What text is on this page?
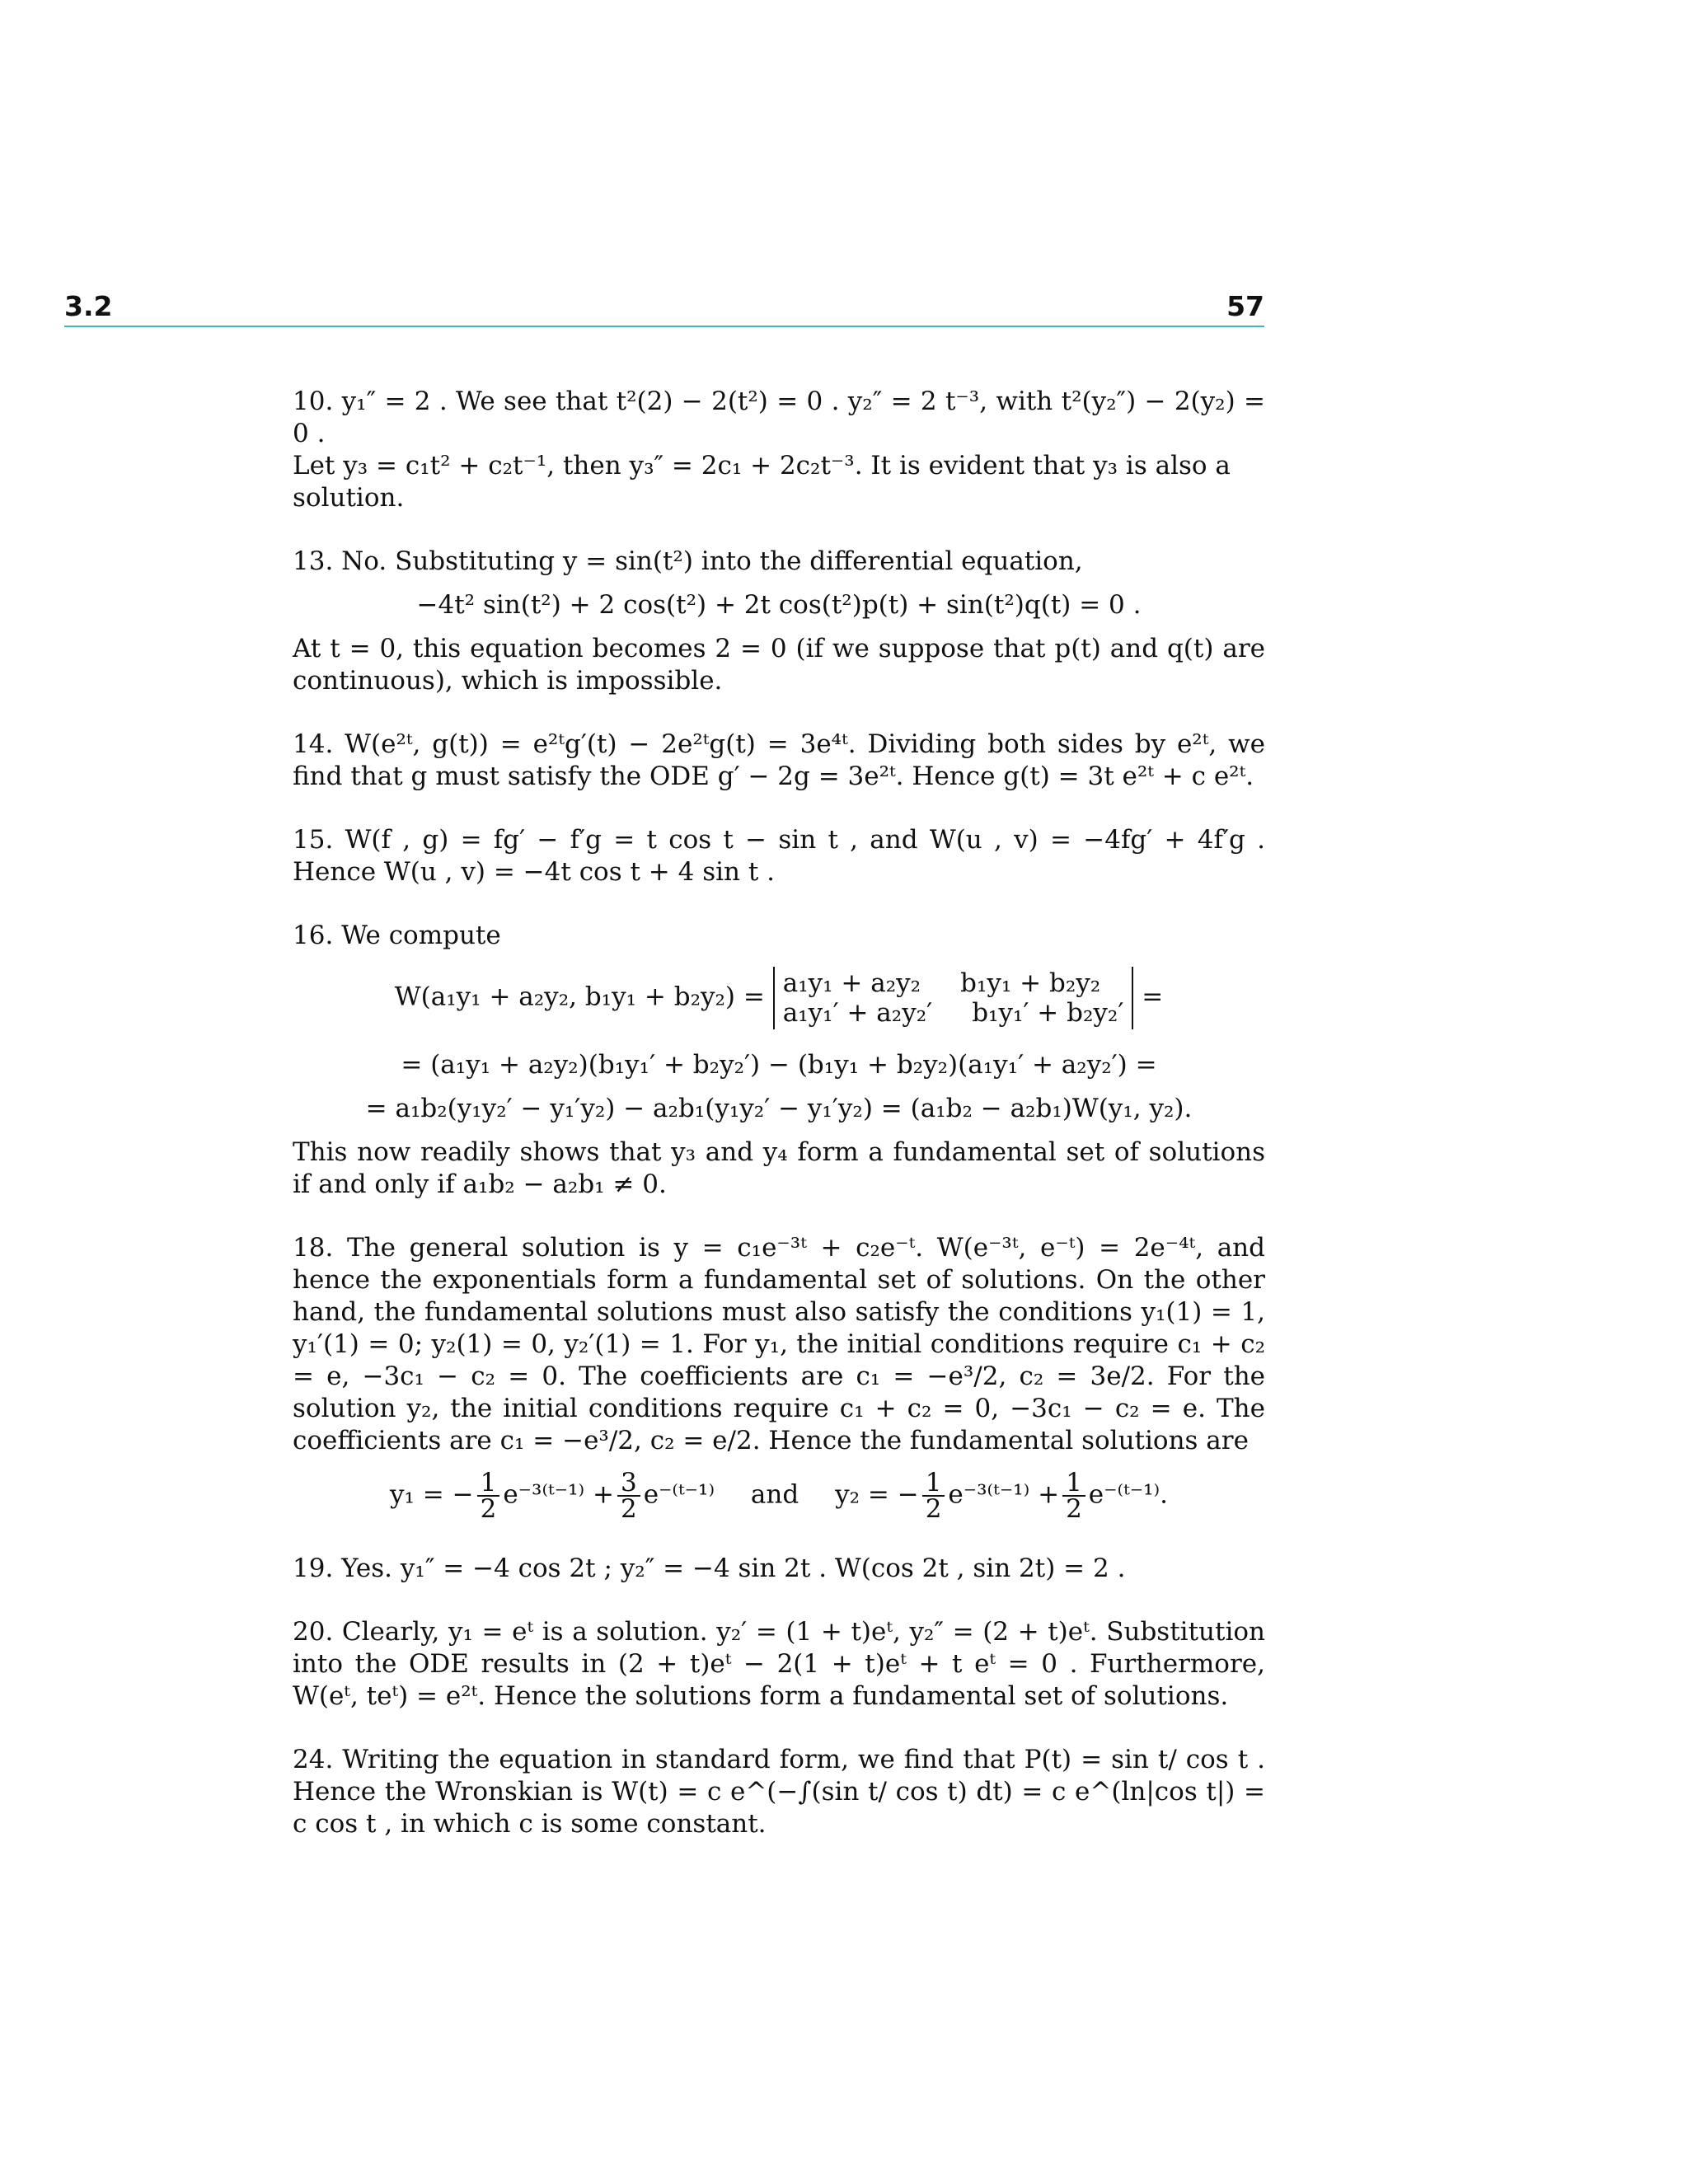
3.2	57
10. y₁″ = 2 . We see that t²(2) − 2(t²) = 0 . y₂″ = 2 t⁻³, with t²(y₂″) − 2(y₂) = 0 .
Let y₃ = c₁t² + c₂t⁻¹, then y₃″ = 2c₁ + 2c₂t⁻³. It is evident that y₃ is also a
solution.
13. No. Substituting y = sin(t²) into the differential equation,
−4t² sin(t²) + 2 cos(t²) + 2t cos(t²)p(t) + sin(t²)q(t) = 0 .
At t = 0, this equation becomes 2 = 0 (if we suppose that p(t) and q(t) are continuous), which is impossible.
14. W(e²ᵗ, g(t)) = e²ᵗg′(t) − 2e²ᵗg(t) = 3e⁴ᵗ. Dividing both sides by e²ᵗ, we find that g must satisfy the ODE g′ − 2g = 3e²ᵗ. Hence g(t) = 3t e²ᵗ + c e²ᵗ.
15. W(f , g) = fg′ − f′g = t cos t − sin t , and W(u , v) = −4fg′ + 4f′g . Hence W(u , v) = −4t cos t + 4 sin t .
16. We compute
W(a₁y₁ + a₂y₂, b₁y₁ + b₂y₂) = a₁y₁ + a₂y₂ b₁y₁ + b₂y₂
a₁y₁′ + a₂y₂′ b₁y₁′ + b₂y₂′
=
= (a₁y₁ + a₂y₂)(b₁y₁′ + b₂y₂′) − (b₁y₁ + b₂y₂)(a₁y₁′ + a₂y₂′) =
= a₁b₂(y₁y₂′ − y₁′y₂) − a₂b₁(y₁y₂′ − y₁′y₂) = (a₁b₂ − a₂b₁)W(y₁, y₂).
This now readily shows that y₃ and y₄ form a fundamental set of solutions if and only if a₁b₂ − a₂b₁ ≠ 0.
18. The general solution is y = c₁e⁻³ᵗ + c₂e⁻ᵗ. W(e⁻³ᵗ, e⁻ᵗ) = 2e⁻⁴ᵗ, and hence the exponentials form a fundamental set of solutions. On the other hand, the fundamental solutions must also satisfy the conditions y₁(1) = 1, y₁′(1) = 0; y₂(1) = 0, y₂′(1) = 1. For y₁, the initial conditions require c₁ + c₂ = e, −3c₁ − c₂ = 0. The coefficients are c₁ = −e³/2, c₂ = 3e/2. For the solution y₂, the initial conditions require c₁ + c₂ = 0, −3c₁ − c₂ = e. The coefficients are c₁ = −e³/2, c₂ = e/2. Hence the fundamental solutions are
y₁ = − $\frac{1}{2}$ e⁻³⁽ᵗ⁻¹⁾ + $\frac{3}{2}$ e⁻⁽ᵗ⁻¹⁾ and y₂ = − $\frac{1}{2}$ e⁻³⁽ᵗ⁻¹⁾ + $\frac{1}{2}$ e⁻⁽ᵗ⁻¹⁾.
19. Yes. y₁″ = −4 cos 2t ; y₂″ = −4 sin 2t . W(cos 2t , sin 2t) = 2 .
20. Clearly, y₁ = eᵗ is a solution. y₂′ = (1 + t)eᵗ, y₂″ = (2 + t)eᵗ. Substitution into the ODE results in (2 + t)eᵗ − 2(1 + t)eᵗ + t eᵗ = 0 . Furthermore, W(eᵗ, teᵗ) = e²ᵗ. Hence the solutions form a fundamental set of solutions.
24. Writing the equation in standard form, we find that P(t) = sin t/ cos t . Hence the Wronskian is W(t) = c e^(−∫(sin t/ cos t) dt) = c e^(ln|cos t|) = c cos t , in which c is some constant.
